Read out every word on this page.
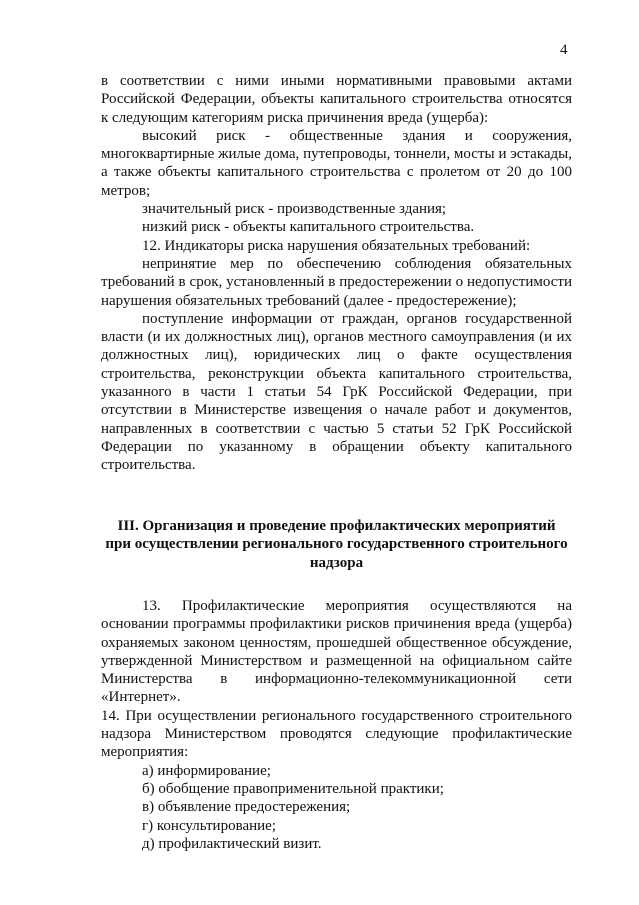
4

в соответствии с ними иными нормативными правовыми актами Российской Федерации, объекты капитального строительства относятся к следующим категориям риска причинения вреда (ущерба):

высокий риск - общественные здания и сооружения, многоквартирные жилые дома, путепроводы, тоннели, мосты и эстакады, а также объекты капитального строительства с пролетом от 20 до 100 метров;

значительный риск - производственные здания;

низкий риск - объекты капитального строительства.

12. Индикаторы риска нарушения обязательных требований:

непринятие мер по обеспечению соблюдения обязательных требований в срок, установленный в предостережении о недопустимости нарушения обязательных требований (далее - предостережение);

поступление информации от граждан, органов государственной власти (и их должностных лиц), органов местного самоуправления (и их должностных лиц), юридических лиц о факте осуществления строительства, реконструкции объекта капитального строительства, указанного в части 1 статьи 54 ГрК Российской Федерации, при отсутствии в Министерстве извещения о начале работ и документов, направленных в соответствии с частью 5 статьи 52 ГрК Российской Федерации по указанному в обращении объекту капитального строительства.

III. Организация и проведение профилактических мероприятий
при осуществлении регионального государственного строительного
надзора

13. Профилактические мероприятия осуществляются на основании программы профилактики рисков причинения вреда (ущерба) охраняемых законом ценностям, прошедшей общественное обсуждение, утвержденной Министерством и размещенной на официальном сайте Министерства в информационно-телекоммуникационной сети «Интернет».

14. При осуществлении регионального государственного строительного надзора Министерством проводятся следующие профилактические мероприятия:

а) информирование;

б) обобщение правоприменительной практики;

в) объявление предостережения;

г) консультирование;

д) профилактический визит.
